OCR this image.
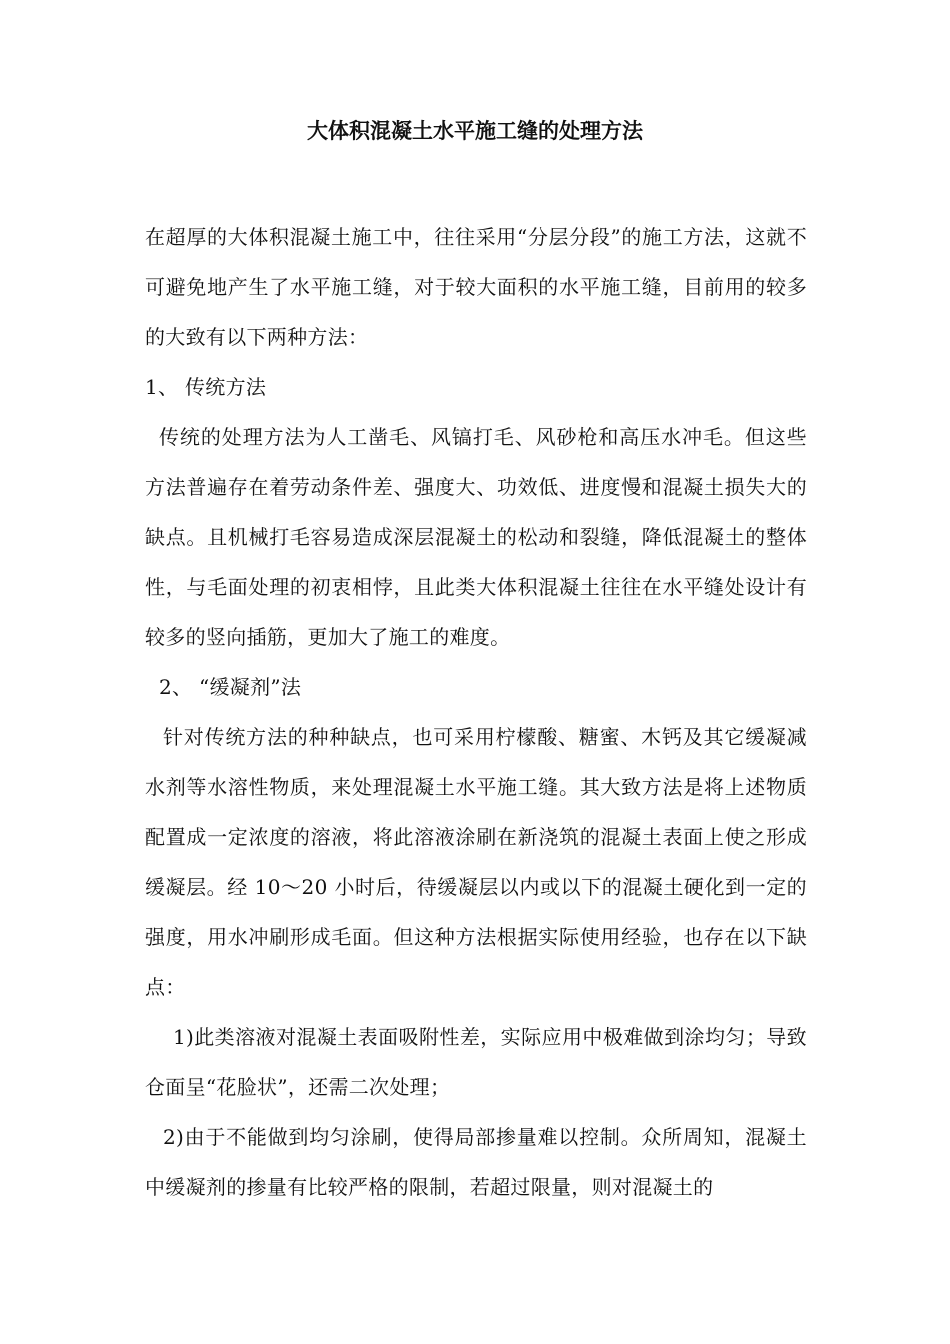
大体积混凝土水平施工缝的处理方法

在超厚的大体积混凝土施工中，往往采用“分层分段”的施工方法，这就不可避免地产生了水平施工缝，对于较大面积的水平施工缝，目前用的较多的大致有以下两种方法：

1、 传统方法

传统的处理方法为人工凿毛、风镐打毛、风砂枪和高压水冲毛。但这些方法普遍存在着劳动条件差、强度大、功效低、进度慢和混凝土损失大的缺点。且机械打毛容易造成深层混凝土的松动和裂缝，降低混凝土的整体性，与毛面处理的初衷相悖，且此类大体积混凝土往往在水平缝处设计有较多的竖向插筋，更加大了施工的难度。

2、 “缓凝剂”法

针对传统方法的种种缺点，也可采用柠檬酸、糖蜜、木钙及其它缓凝减水剂等水溶性物质，来处理混凝土水平施工缝。其大致方法是将上述物质配置成一定浓度的溶液，将此溶液涂刷在新浇筑的混凝土表面上使之形成缓凝层。经 10～20 小时后，待缓凝层以内或以下的混凝土硬化到一定的强度，用水冲刷形成毛面。但这种方法根据实际使用经验，也存在以下缺点：

1)此类溶液对混凝土表面吸附性差，实际应用中极难做到涂均匀；导致仓面呈“花脸状”，还需二次处理；

2)由于不能做到均匀涂刷，使得局部掺量难以控制。众所周知，混凝土中缓凝剂的掺量有比较严格的限制，若超过限量，则对混凝土的
